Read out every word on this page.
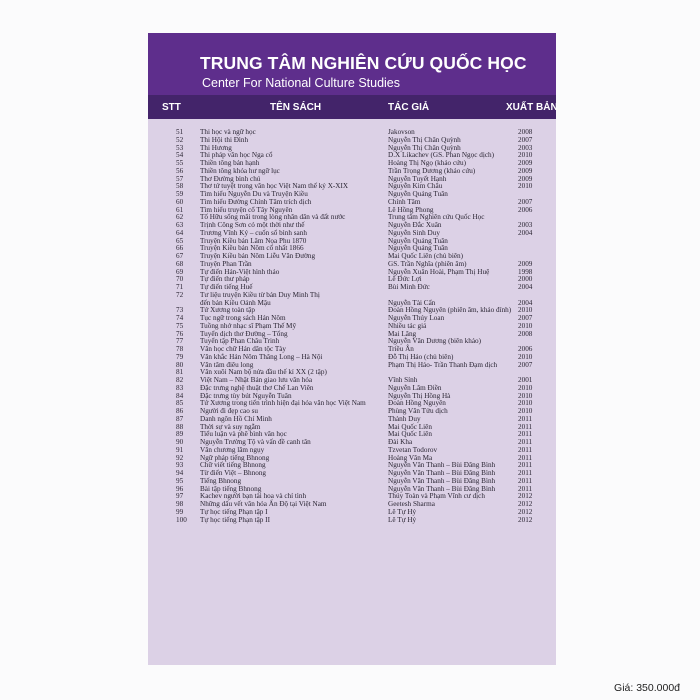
TRUNG TÂM NGHIÊN CỨU QUỐC HỌC
Center For National Culture Studies
STT	TÊN SÁCH	TÁC GIẢ	XUẤT BẢN
51	Thi học và ngữ học	Jakovson	2008
52	Thi Hội thi Đình	Nguyễn Thị Chân Quỳnh	2007
53	Thi Hương	Nguyễn Thị Chân Quỳnh	2003
54	Thi pháp văn học Nga cổ	D.X Likachev (GS. Phan Ngọc dịch)	2010
55	Thiền tông bản hạnh	Hoàng Thị Ngọ (khảo cứu)	2009
56	Thiền tông khóa hư ngữ lục	Trần Trọng Dương (khảo cứu)	2009
57	Thơ Đường bình chú	Nguyễn Tuyết Hạnh	2009
58	Thơ tứ tuyệt trong văn học Việt Nam thế kỷ X-XIX	Nguyễn Kim Châu	2010
59	Tìm hiểu Nguyễn Du và Truyện Kiều	Nguyễn Quảng Tuân
60	Tìm hiểu Đường Chính Tâm trích dịch	Chính Tâm	2007
61	Tìm hiểu truyện cổ Tây Nguyên	Lê Hồng Phong	2006
62	Tố Hữu sống mãi trong lòng nhân dân và đất nước	Trung tâm Nghiên cứu Quốc Học
63	Trịnh Công Sơn có một thời như thế	Nguyễn Đắc Xuân	2003
64	Trương Vĩnh Ký – cuốn sổ bình sanh	Nguyễn Sinh Duy	2004
65	Truyện Kiều bản Lâm Nọa Phu 1870	Nguyễn Quảng Tuân
66	Truyện Kiều bản Nôm cổ nhất 1866	Nguyễn Quảng Tuân
67	Truyện Kiều bản Nôm Liễu Văn Đường	Mai Quốc Liên (chủ biên)
68	Truyện Phan Trần	GS. Trần Nghĩa (phiên âm)	2009
69	Tự điển Hán-Việt hình thảo	Nguyễn Xuân Hoài, Phạm Thị Huệ	1998
70	Tự điển thư pháp	Lê Đức Lợi	2000
71	Tự điển tiếng Huế	Bùi Minh Đức	2004
72	Tư liệu truyện Kiều từ bản Duy Minh Thị
đến bản Kiều Oánh Mậu	Nguyễn Tài Cẩn	2004
73	Tứ Xương toàn tập	Đoàn Hồng Nguyên (phiên âm, khảo đính) 2010
74	Tục ngữ trong sách Hán Nôm	Nguyễn Thúy Loan	2007
75	Tuồng nhớ nhạc sĩ Phạm Thế Mỹ	Nhiều tác giả	2010
76	Tuyển dịch thơ Đường – Tống	Mai Lăng	2008
77	Tuyển tập Phan Châu Trinh	Nguyễn Văn Dương (biên khảo)
78	Văn học chữ Hán dân tộc Tày	Triều Ân	2006
79	Văn khắc Hán Nôm Thăng Long – Hà Nội	Đỗ Thị Hảo (chủ biên)	2010
80	Văn tâm điêu long	Phạm Thị Hảo- Trần Thanh Đạm dịch	2007
81	Văn xuôi Nam bộ nửa đầu thế kỉ XX (2 tập)
82	Việt Nam – Nhật Bản giao lưu văn hóa	Vĩnh Sính	2001
83	Đặc trưng nghệ thuật thơ Chế Lan Viên	Nguyễn Lâm Điền	2010
84	Đặc trưng tùy bút Nguyễn Tuân	Nguyễn Thị Hồng Hà	2010
85	Tứ Xương trong tiến trình hiện đại hóa văn học Việt Nam	Đoàn Hồng Nguyên	2010
86	Người đi đẹp cao su	Phùng Văn Tửu dịch	2010
87	Danh ngôn Hồ Chí Minh	Thành Duy	2011
88	Thời sự và suy ngẫm	Mai Quốc Liên	2011
89	Tiểu luận và phê bình văn học	Mai Quốc Liên	2011
90	Nguyễn Trường Tộ và vấn đề canh tân	Đài Kha	2011
91	Văn chương lãm ngụy	Tzvetan Todorov	2011
92	Ngữ pháp tiếng Bhnong	Hoàng Văn Ma	2011
93	Chữ viết tiếng Bhnong	Nguyễn Văn Thanh – Bùi Đăng Bình	2011
94	Từ điển Việt – Bhnong	Nguyễn Văn Thanh – Bùi Đăng Bình	2011
95	Tiếng Bhnong	Nguyễn Văn Thanh – Bùi Đăng Bình	2011
96	Bài tập tiếng Bhnong	Nguyễn Văn Thanh – Bùi Đăng Bình	2011
97	Kachev người bạn tài hoa và chí tình	Thúy Toàn và Phạm Vĩnh cư dịch	2012
98	Những dấu vết văn hóa Ấn Độ tại Việt Nam	Geetesh Sharma	2012
99	Tự học tiếng Phạn tập I	Lê Tự Hỷ	2012
100	Tự học tiếng Phạn tập II	Lê Tự Hỷ	2012
Giá: 350.000đ
